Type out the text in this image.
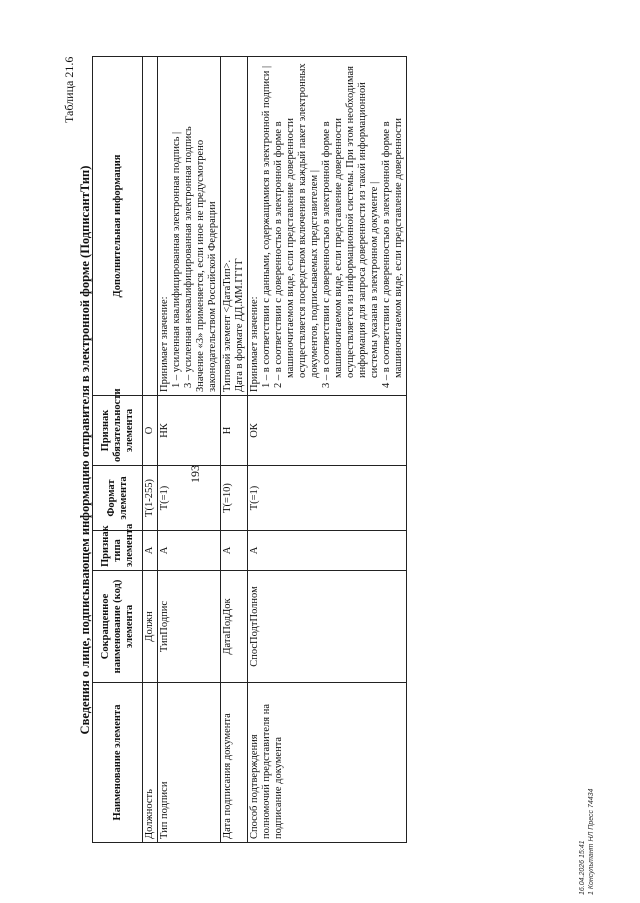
193
Таблица 21.6
Сведения о лице, подписывающем информацию отправителя в электронной форме (ПодписантТип)
Наименование элемента	Сокращенное наименование (код) элемента	Признак типа элемента	Формат элемента	Признак обязательности элемента	Дополнительная информация
Должность	Должн	А	T(1-255)	О	
Тип подписи	ТипПодпис	А	T(=1)	НК	Принимает значение: 1 – усиленная квалифицированная электронная подпись | 3 – усиленная неквалифицированная электронная подпись Значение «3» применяется, если иное не предусмотрено законодательством Российской Федерации

Дата подписания документа	ДатаПодДок	А	T(=10)	Н	Типовой элемент <ДатаТип>. Дата в формате ДД.ММ.ГГГГ

Способ подтверждения полномочий представителя на подписание документа	СпосПодтПолном	А	T(=1)	ОК	Принимает значение: 1 – в соответствии с данными, содержащимися в электронной подписи | 2 – в соответствии с доверенностью в электронной форме в машиночитаемом виде, если представление доверенности осуществляется посредством включения в каждый пакет электронных документов, подписываемых представителем | 3 – в соответствии с доверенностью в электронной форме в машиночитаемом виде, если представление доверенности осуществляется из информационной системы. При этом необходимая информация для запроса доверенности из такой информационной системы указана в электронном документе | 4 – в соответствии с доверенностью в электронной форме в машиночитаемом виде, если представление доверенности

16.04.2026 15:41 1 Консультант НЛ Пресс 74434
